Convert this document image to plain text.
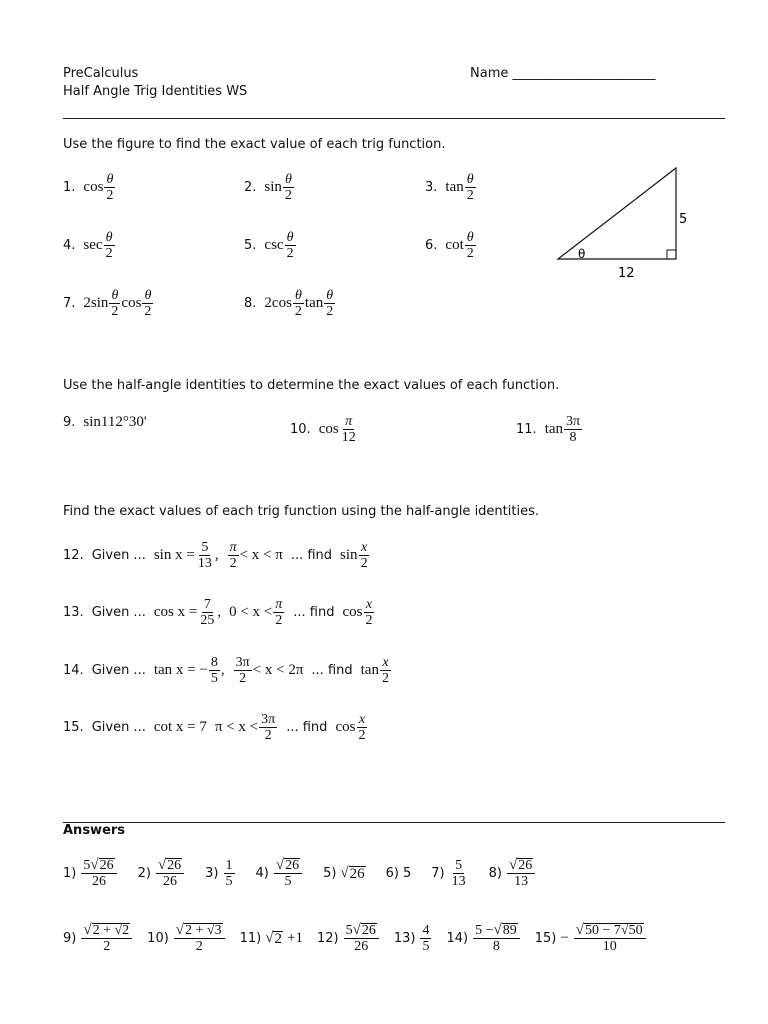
PreCalculus
Half Angle Trig Identities WS
Name ______________________
Use the figure to find the exact value of each trig function.
1. $\cos \frac{\theta}{2}$	2. $\sin \frac{\theta}{2}$	3. $\tan \frac{\theta}{2}$
4. $\sec \frac{\theta}{2}$	5. $\csc \frac{\theta}{2}$	6. $\cot \frac{\theta}{2}$
7. $2\sin \frac{\theta}{2}$ $\cos \frac{\theta}{2}$	8. $2\cos \frac{\theta}{2}$ $\tan \frac{\theta}{2}$
θ
5
12
Use the half-angle identities to determine the exact values of each function.
9. sin112°30'	10. $\cos \frac{\pi}{12}$	11. $\tan \frac{3\pi}{8}$
Find the exact values of each trig function using the half-angle identities.
12. Given ... $\sin x = \frac{5}{13}$ , $\frac{\pi}{2} < x < \pi$ ... find $\sin \frac{x}{2}$
13. Given ... $\cos x = \frac{7}{25}$ , $0 < x < \frac{\pi}{2}$ ... find $\cos \frac{x}{2}$
14. Given ... tan x = − $\frac{8}{5}$ , $\frac{3\pi}{2} < x < 2\pi$ ... find $\tan \frac{x}{2}$
15. Given ... cot x = 7 $\pi < x < \frac{3\pi}{2}$ ... find $\cos \frac{x}{2}$
Answers
$1) \frac{5 √ 26}{26} 2) \frac{√ 26}{26} 3) \frac{1}{5} 4) \frac{√ 26}{5} 5$) √ 26 6) 5 $7) \frac{5}{13} 8) \frac{√ 26}{13}$
$9) \frac{√ 2 + √2}{2} 10) \frac{√ 2 + √3}{2} 11$) √ 2 +1 $12) \frac{5 √ 26}{26} 13) \frac{4}{5} 14) \frac{5 - √ 89}{8} 15) - \frac{√ 50 - 7√50}{10}$
